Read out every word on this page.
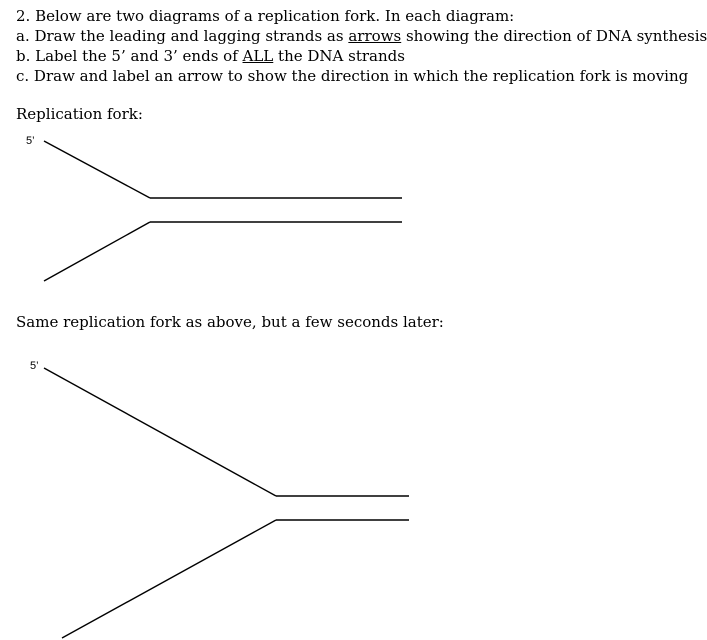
2. Below are two diagrams of a replication fork. In each diagram:
a. Draw the leading and lagging strands as arrows showing the direction of DNA synthesis
b. Label the 5’ and 3’ ends of ALL the DNA strands
c. Draw and label an arrow to show the direction in which the replication fork is moving
Replication fork:
5’
Same replication fork as above, but a few seconds later:
5’
